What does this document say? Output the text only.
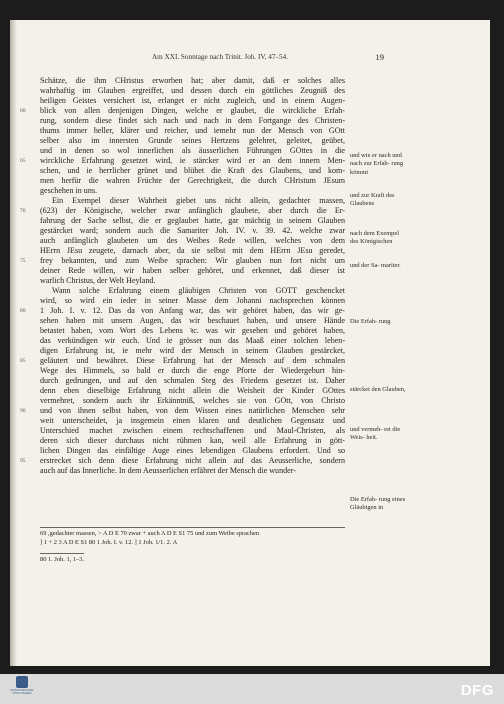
Am XXI. Sonntage nach Trinit. Joh. IV, 47–54.	19
Schätze, die ihm CHristus erworben hat; aber damit, daß er solches alles
wahrhaftig im Glauben ergreiffet, und dessen durch ein göttliches Zeugniß des
heiligen Geistes versichert ist, erlanget er nicht zugleich, und in einem Augen-
blick von allen denjenigen Dingen, welche er glaubet, die wirckliche Erfah-
rung, sondern diese findet sich nach und nach in dem Fortgange des Christen-
thums immer heller, klärer und reicher, und iemehr nun der Mensch von GOtt
selber also im innersten Grunde seines Hertzens gelehret, geleitet, geübet,
und in denen so wol innerlichen als äusserlichen Führungen GOttes in die
wirckliche Erfahrung gesetzet wird, ie stärcker wird er an dem innern Men-
schen, und ie herrlicher grünet und blühet die Kraft des Glaubens, und kom-
men herfür die wahren Früchte der Gerechtigkeit, die durch CHristum JEsum
geschehen in uns.
Ein Exempel dieser Wahrheit giebet uns nicht allein, gedachter massen,
(623) der Königische, welcher zwar anfänglich glaubete, aber durch die Er-
fahrung der Sache selbst, die er geglaubet hatte, gar mächtig in seinem Glauben
gestärcket ward; sondern auch die Samariter Joh. IV. v. 39. 42. welche zwar
auch anfänglich glaubeten um des Weibes Rede willen, welches von dem
HErrn JEsu zeugete, darnach aber, da sie selbst mit dem HErrn JEsu geredet,
frey bekannten, und zum Weibe sprachen: Wir glauben nun fort nicht um
deiner Rede willen, wir haben selber gehöret, und erkennet, daß dieser ist
warlich Christus, der Welt Heyland.
Wann solche Erfahrung einem gläubigen Christen von GOTT geschencket
wird, so wird ein ieder in seiner Masse dem Johanni nachsprechen können
1 Joh. I. v. 12. Das da von Anfang war, das wir gehöret haben, das wir ge-
sehen haben mit unsern Augen, das wir beschauet haben, und unsere Hände
betastet haben, vom Wort des Lebens ꝛc. was wir gesehen und gehöret haben,
das verkündigen wir euch. Und ie grösser nun das Maaß einer solchen leben-
digen Erfahrung ist, ie mehr wird der Mensch in seinem Glauben gestärcket,
geläutert und bewähret. Diese Erfahrung hat der Mensch auf dem schmalen
Wege des Himmels, so bald er durch die enge Pforte der Wiedergeburt hin-
durch gedrungen, und auf den schmalen Steg des Friedens gesetzet ist. Daher
denn eben dieselbige Erfahrung nicht allein die Weisheit der Kinder GOttes
vermehret, sondern auch ihr Erkänntniß, welches sie von GOtt, von Christo
und von ihnen selbst haben, von dem Wissen eines natürlichen Menschen sehr
weit unterscheidet, ja insgemein einen klaren und deutlichen Gegensatz und
Unterschied machet zwischen einem rechtschaffenen und Maul-Christen, als
deren sich dieser durchaus nicht rühmen kan, weil alle Erfahrung in gött-
lichen Dingen das einfältige Auge eines lebendigen Glaubens erfordert. Und so
erstrecket sich denn diese Erfahrung nicht allein auf das Aeusserliche, sondern
auch auf das Innerliche. In dem Aeusserlichen erfähret der Mensch die wunder-
60
65
70
75
80
85
90
95
und wie er nach und nach zur Erfah- rung kömmt
und zur Kraft des Glaubens
nach dem Exempel des Königischen
und der Sa- mariter.
Die Erfah- rung
stärcket den Glauben,
und vermeh- ret die Weis- heit.
Die Erfah- rung eines Gläubigen in
69 ,gedachter massen, > A D E 70 zwar + auch A D E S1 75 und zum Weibe sprachen
] 1 + 2 3 A D E S1 80 1 Joh. I. v. 12. ] 1 Joh. 1/1. 2. A
80 1. Joh. 1, 1–3.
FRANCKESCHE STIFTUNGEN	DFG
